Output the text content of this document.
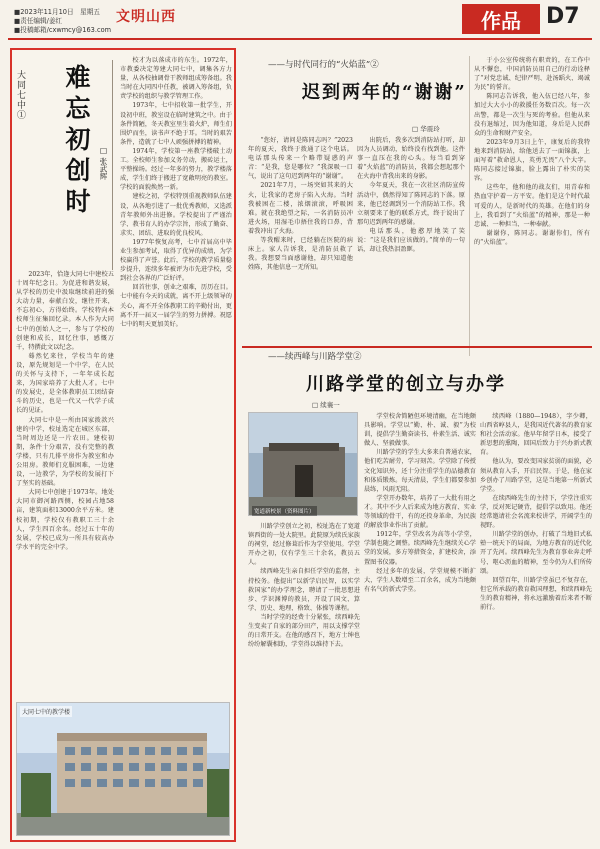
■2023年11月10日　星期五
■责任编辑/姜红
■投稿邮箱/cxwmcy@163.com
文明山西	作品	D7
大同七中① 难忘初创时	□ 张武辉

校才为以落成市的东生。1972年，市教委决定筹建大同七中，调集各方力量，从各校抽调骨干教师组成筹备组。我当时在大同四中任教，被调入筹备组，负责学校的组织与教学管理工作。

1973年，七中招收第一批学生，开设初中班，教室设在临时建筑之中。由于条件简陋，冬天教室里生着火炉，师生们围炉而坐，读书声不绝于耳。当时的艰苦条件，造就了七中人顽强拼搏的精神。

1974年，学校第一座教学楼破土动工。全校师生参加义务劳动，搬砖运土，平整操场。经过一年多的努力，教学楼落成，学生们终于搬进了宽敞明亮的教室。学校的面貌焕然一新。

建校之初，学校特别重视教师队伍建设，从各地引进了一批优秀教师，又选派青年教师外出进修。学校提出了严谨治学、教书育人的办学宗旨，形成了勤奋、求实、团结、进取的优良校风。

1977年恢复高考，七中首届高中毕业生参加考试，取得了优异的成绩，为学校赢得了声誉。此后，学校的教学质量稳步提升，连续多年被评为市先进学校，受到社会各界的广泛好评。

回首往事，创业之艰难，历历在目。七中能有今天的成就，离不开上级领导的关心，离不开全体教职工的辛勤付出，更离不开一届又一届学生的努力拼搏。祝愿七中的明天更加美好。

2023年，恰逢大同七中建校五十周年纪念日。为促进和谐发展，从学校的历史中汲取继续前进的强大动力量，奉献白发，继往开来，不忘初心，方得始终。学校特向本校师生征集回忆录。本人作为大同七中的创始人之一，参与了学校的创建和成长，回忆往事，感慨万千，特撰此文以纪念。

蓦然忆来往，学校当年的建设，原先规划是一个中学，在人民的关怀与支持下，一年年成长起来，为国家培养了大批人才。七中的发展史，是全体教职员工团结奋斗的历史，也是一代又一代学子成长的见证。

大同七中是一所由国家拨款兴建的中学，校址选定在城区东部，当时周边还是一片农田。建校初期，条件十分艰苦，没有完整的教学楼，只有几排平房作为教室和办公用房。教师们克服困难，一边建设，一边教学，为学校的发展打下了坚实的基础。

大同七中创建于1973年。地处大同市御河路西侧，校园占地58亩，建筑面积13000余平方米。建校初期，学校仅有教职工三十余人，学生四百余名。经过五十年的发展，学校已成为一所具有较高办学水平的完全中学。

大同七中的教学楼
——与时代同行的“火焰蓝”②
迟到两年的“谢谢”
□ 华震玲

“您好，请问是陈同志吗？”2023年的夏天，我终于拨通了这个电话。电话那头传来一个略带疑惑的声音：“是我，您是哪位？”我深吸一口气，说出了这句迟到两年的“谢谢”。

2021年7月，一场突如其来的大火，让我家的老房子陷入火海。当时我被困在二楼，浓烟滚滚，呼吸困难。就在我绝望之际，一名消防员冲进火场，用湿毛巾捂住我的口鼻，背着我冲出了火海。

等我醒来时，已经躺在医院的病床上。家人告诉我，是消防员救了我。我想要当面感谢他，却只知道他姓陈，其他信息一无所知。

出院后，我多次到消防站打听，却因为人员调动，始终没有找到他。这件事一直压在我的心头。每当看到穿着“火焰蓝”的消防员，我都会想起那个在火海中背我出来的身影。

今年夏天，我在一次社区消防宣传活动中，偶然得知了陈同志的下落。原来，他已经调到另一个消防站工作。我立刻要来了他的联系方式，终于说出了那句迟到两年的感谢。

电话那头，他憨厚地笑了笑说：“这是我们应该做的。”简单的一句话，却让我热泪盈眶。

于小公室传统将有职责的，在工作中从不懈怠，中国消防员用自己的行动诠释了“对党忠诚、纪律严明、赴汤蹈火、竭诚为民”的誓言。

陈同志告诉我，他入伍已经八年，参加过大大小小的救援任务数百次。每一次出警，都是一次生与死的考验。但他从来没有退缩过，因为他知道，身后是人民群众的生命和财产安全。

2023年9月3日上午，康复后的我特地来到消防站，给他送去了一面锦旗，上面写着“救命恩人，英勇无畏”八个大字。陈同志接过锦旗，脸上露出了朴实的笑容。

这些年，他和他的战友们，用青春和热血守护着一方平安。他们是这个时代最可爱的人，是新时代的英雄。在他们的身上，我看到了“火焰蓝”的精神，那是一种忠诚、一种担当、一种奉献。

谢谢你，陈同志。谢谢你们，所有的“火焰蓝”。

——续西峰与川路学堂②
川路学堂的创立与办学
□ 续襄一
宽道新校景（资料图片）

川路学堂创立之初，校址选在了宽道镇西街的一处大院里。此院原为续氏家族的祠堂，经过修葺后作为学堂使用。学堂开办之初，仅有学生三十余名，教员五人。

续西峰先生亲自担任学堂的监督，主持校务。他提出“以新学启民智，以实学救国家”的办学理念，聘请了一批思想进步、学识渊博的教员，开设了国文、算学、历史、地理、格致、体操等课程。

当时学堂的经费十分紧张，续西峰先生变卖了自家的部分田产，用以支撑学堂的日常开支。在他的感召下，地方士绅也纷纷解囊相助，学堂得以维持下去。

学堂校舍简陋但环境清幽，在当地颇具影响。学堂以“勤、朴、诚、毅”为校训，提倡学生勤奋读书、朴素生活、诚实做人、坚毅做事。

川路学堂的学生大多来自普通农家，他们吃苦耐劳，学习刻苦。学堂除了传授文化知识外，还十分注重学生的品德教育和体质锻炼。每天清晨，学生们都要参加晨练，风雨无阻。

学堂开办数年，培养了一大批有用之才。其中不少人后来成为地方教育、实业等领域的骨干，有的还投身革命，为民族的解放事业作出了贡献。

1912年，学堂改名为高等小学堂，学制也随之调整。续西峰先生继续关心学堂的发展，多方筹措资金，扩建校舍，添置图书仪器。

经过多年的发展，学堂规模不断扩大，学生人数增至二百余名，成为当地颇有名气的新式学堂。

续西峰（1880—1948），字少卿，山西省崞县人，是我国近代著名的教育家和社会活动家。他早年留学日本，接受了新思想的熏陶，回国后致力于兴办新式教育。

他认为，要改变国家贫弱的面貌，必须从教育入手，开启民智。于是，他在家乡创办了川路学堂，这是当地第一所新式学堂。

在续西峰先生的主持下，学堂注重实学，反对死记硬背，提倡学以致用。他还经常邀请社会名流来校讲学，开阔学生的视野。

川路学堂的创办，打破了当地旧式私塾一统天下的局面，为地方教育的近代化开了先河。续西峰先生为教育事业奔走呼号、呕心沥血的精神，至今仍为人们所传颂。

回望百年，川路学堂虽已不复存在，但它所承载的教育救国理想，和续西峰先生的教育精神，将永远激励着后来者不断前行。
